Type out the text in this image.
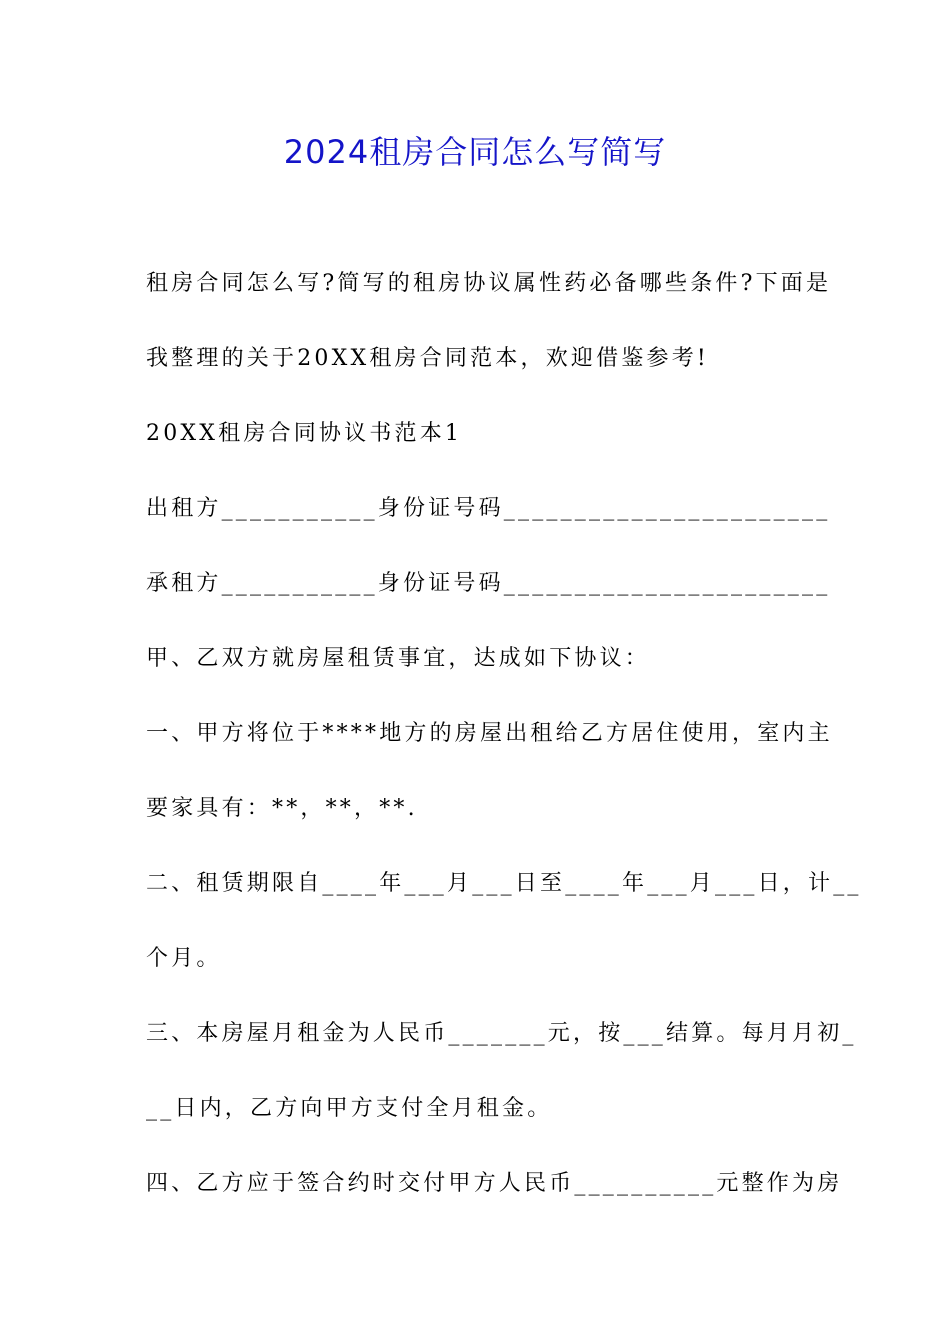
2024租房合同怎么写简写
租房合同怎么写?简写的租房协议属性药必备哪些条件?下面是
我整理的关于20XX租房合同范本，欢迎借鉴参考!
20XX租房合同协议书范本1
出租方___________身份证号码_______________________
承租方___________身份证号码_______________________
甲、乙双方就房屋租赁事宜，达成如下协议：
一、甲方将位于****地方的房屋出租给乙方居住使用，室内主
要家具有：**，**，**.
二、租赁期限自____年___月___日至____年___月___日，计__
个月。
三、本房屋月租金为人民币_______元，按___结算。每月月初_
__日内，乙方向甲方支付全月租金。
四、乙方应于签合约时交付甲方人民币__________元整作为房
